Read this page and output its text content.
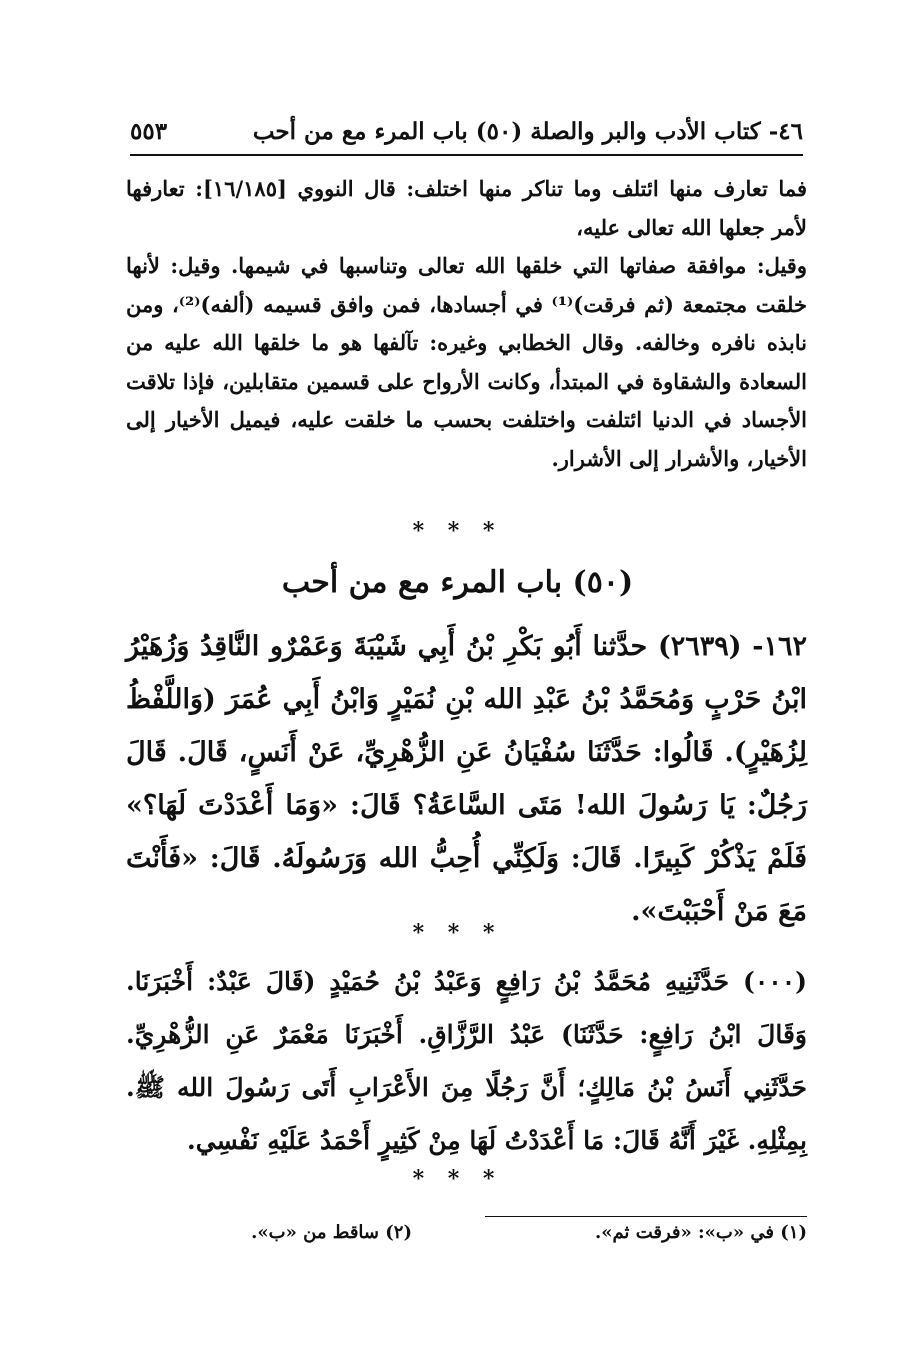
٤٦- كتاب الأدب والبر والصلة (٥٠) باب المرء مع من أحب
٥٥٣

فما تعارف منها ائتلف وما تناكر منها اختلف: قال النووي [١٦/١٨٥]: تعارفها لأمر جعلها الله تعالى عليه،

وقيل: موافقة صفاتها التي خلقها الله تعالى وتناسبها في شيمها. وقيل: لأنها خلقت مجتمعة (ثم فرقت)⁽¹⁾ في أجسادها، فمن وافق قسيمه (ألفه)⁽²⁾، ومن نابذه نافره وخالفه. وقال الخطابي وغيره: تآلفها هو ما خلقها الله عليه من السعادة والشقاوة في المبتدأ، وكانت الأرواح على قسمين متقابلين، فإذا تلاقت الأجساد في الدنيا ائتلفت واختلفت بحسب ما خلقت عليه، فيميل الأخيار إلى الأخيار، والأشرار إلى الأشرار.

* * *
(٥٠) باب المرء مع من أحب
١٦٢- (٢٦٣٩) حدَّثنا أَبُو بَكْرِ بْنُ أَبِي شَيْبَةَ وَعَمْرٌو النَّاقِدُ وَزُهَيْرُ ابْنُ حَرْبٍ وَمُحَمَّدُ بْنُ عَبْدِ الله بْنِ نُمَيْرٍ وَابْنُ أَبِي عُمَرَ (وَاللَّفْظُ لِزُهَيْرٍ). قَالُوا: حَدَّثَنَا سُفْيَانُ عَنِ الزُّهْرِيِّ، عَنْ أَنَسٍ، قَالَ. قَالَ رَجُلٌ: يَا رَسُولَ الله! مَتَى السَّاعَةُ؟ قَالَ: «وَمَا أَعْدَدْتَ لَهَا؟» فَلَمْ يَذْكُرْ كَبِيرًا. قَالَ: وَلَكِنِّي أُحِبُّ الله وَرَسُولَهُ. قَالَ: «فَأَنْتَ مَعَ مَنْ أَحْبَبْتَ».
* * *
(٠٠٠) حَدَّثَنِيهِ مُحَمَّدُ بْنُ رَافِعٍ وَعَبْدُ بْنُ حُمَيْدٍ (قَالَ عَبْدٌ: أَخْبَرَنَا. وَقَالَ ابْنُ رَافِعٍ: حَدَّثَنَا) عَبْدُ الرَّزَّاقِ. أَخْبَرَنَا مَعْمَرٌ عَنِ الزُّهْرِيِّ. حَدَّثَنِي أَنَسُ بْنُ مَالِكٍ؛ أَنَّ رَجُلًا مِنَ الأَعْرَابِ أَتَى رَسُولَ الله ﷺ. بِمِثْلِهِ. غَيْرَ أَنَّهُ قَالَ: مَا أَعْدَدْتُ لَهَا مِنْ كَثِيرٍ أَحْمَدُ عَلَيْهِ نَفْسِي.
* * *
(١) في «ب»: «فرقت ثم».
(٢) ساقط من «ب».
